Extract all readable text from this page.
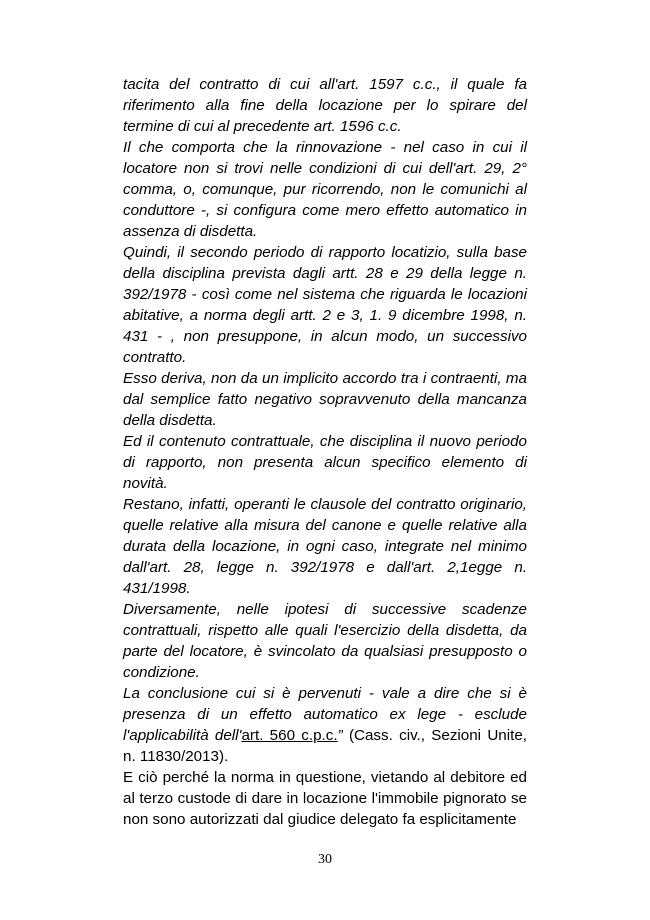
tacita del contratto di cui all'art. 1597 c.c., il quale fa riferimento alla fine della locazione per lo spirare del termine di cui al precedente art. 1596 c.c.

Il che comporta che la rinnovazione - nel caso in cui il locatore non si trovi nelle condizioni di cui dell'art. 29, 2° comma, o, comunque, pur ricorrendo, non le comunichi al conduttore -, si configura come mero effetto automatico in assenza di disdetta.

Quindi, il secondo periodo di rapporto locatizio, sulla base della disciplina prevista dagli artt. 28 e 29 della legge n. 392/1978 - così come nel sistema che riguarda le locazioni abitative, a norma degli artt. 2 e 3, 1. 9 dicembre 1998, n. 431 - , non presuppone, in alcun modo, un successivo contratto.

Esso deriva, non da un implicito accordo tra i contraenti, ma dal semplice fatto negativo sopravvenuto della mancanza della disdetta.

Ed il contenuto contrattuale, che disciplina il nuovo periodo di rapporto, non presenta alcun specifico elemento di novità.

Restano, infatti, operanti le clausole del contratto originario, quelle relative alla misura del canone e quelle relative alla durata della locazione, in ogni caso, integrate nel minimo dall'art. 28, legge n. 392/1978 e dall'art. 2,1egge n. 431/1998.

Diversamente, nelle ipotesi di successive scadenze contrattuali, rispetto alle quali l'esercizio della disdetta, da parte del locatore, è svincolato da qualsiasi presupposto o condizione.

La conclusione cui si è pervenuti - vale a dire che si è presenza di un effetto automatico ex lege - esclude l'applicabilità dell'art. 560 c.p.c.” (Cass. civ., Sezioni Unite, n. 11830/2013).

E ciò perché la norma in questione, vietando al debitore ed al terzo custode di dare in locazione l'immobile pignorato se non sono autorizzati dal giudice delegato fa esplicitamente

30
